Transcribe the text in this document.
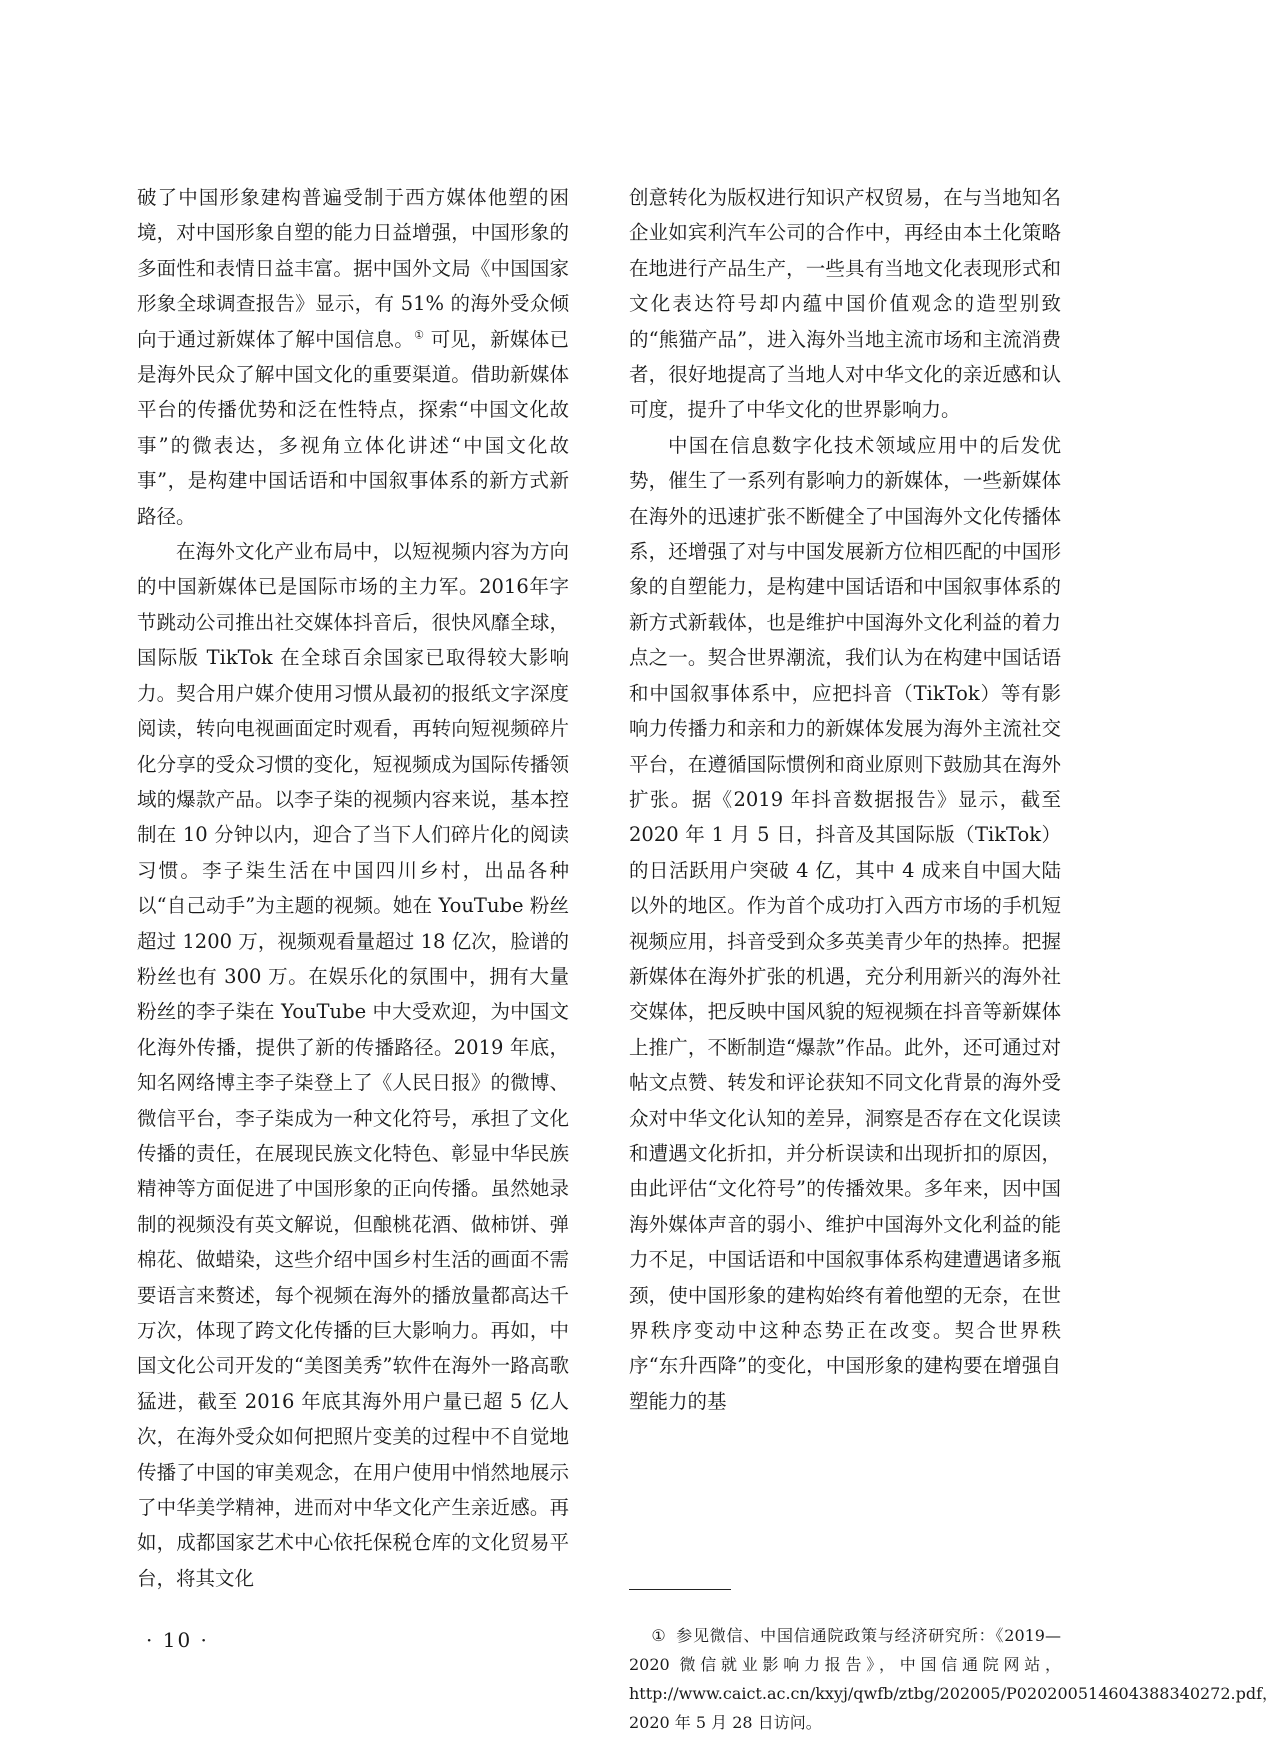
破了中国形象建构普遍受制于西方媒体他塑的困境，对中国形象自塑的能力日益增强，中国形象的多面性和表情日益丰富。据中国外文局《中国国家形象全球调查报告》显示，有 51% 的海外受众倾向于通过新媒体了解中国信息。① 可见，新媒体已是海外民众了解中国文化的重要渠道。借助新媒体平台的传播优势和泛在性特点，探索“中国文化故事”的微表达，多视角立体化讲述“中国文化故事”，是构建中国话语和中国叙事体系的新方式新路径。

在海外文化产业布局中，以短视频内容为方向的中国新媒体已是国际市场的主力军。2016年字节跳动公司推出社交媒体抖音后，很快风靡全球，国际版 TikTok 在全球百余国家已取得较大影响力。契合用户媒介使用习惯从最初的报纸文字深度阅读，转向电视画面定时观看，再转向短视频碎片化分享的受众习惯的变化，短视频成为国际传播领域的爆款产品。以李子柒的视频内容来说，基本控制在 10 分钟以内，迎合了当下人们碎片化的阅读习惯。李子柒生活在中国四川乡村，出品各种以“自己动手”为主题的视频。她在 YouTube 粉丝超过 1200 万，视频观看量超过 18 亿次，脸谱的粉丝也有 300 万。在娱乐化的氛围中，拥有大量粉丝的李子柒在 YouTube 中大受欢迎，为中国文化海外传播，提供了新的传播路径。2019 年底，知名网络博主李子柒登上了《人民日报》的微博、微信平台，李子柒成为一种文化符号，承担了文化传播的责任，在展现民族文化特色、彰显中华民族精神等方面促进了中国形象的正向传播。虽然她录制的视频没有英文解说，但酿桃花酒、做柿饼、弹棉花、做蜡染，这些介绍中国乡村生活的画面不需要语言来赘述，每个视频在海外的播放量都高达千万次，体现了跨文化传播的巨大影响力。再如，中国文化公司开发的“美图美秀”软件在海外一路高歌猛进，截至 2016 年底其海外用户量已超 5 亿人次，在海外受众如何把照片变美的过程中不自觉地传播了中国的审美观念，在用户使用中悄然地展示了中华美学精神，进而对中华文化产生亲近感。再如，成都国家艺术中心依托保税仓库的文化贸易平台，将其文化

创意转化为版权进行知识产权贸易，在与当地知名企业如宾利汽车公司的合作中，再经由本土化策略在地进行产品生产，一些具有当地文化表现形式和文化表达符号却内蕴中国价值观念的造型别致的“熊猫产品”，进入海外当地主流市场和主流消费者，很好地提高了当地人对中华文化的亲近感和认可度，提升了中华文化的世界影响力。

中国在信息数字化技术领域应用中的后发优势，催生了一系列有影响力的新媒体，一些新媒体在海外的迅速扩张不断健全了中国海外文化传播体系，还增强了对与中国发展新方位相匹配的中国形象的自塑能力，是构建中国话语和中国叙事体系的新方式新载体，也是维护中国海外文化利益的着力点之一。契合世界潮流，我们认为在构建中国话语和中国叙事体系中，应把抖音（TikTok）等有影响力传播力和亲和力的新媒体发展为海外主流社交平台，在遵循国际惯例和商业原则下鼓励其在海外扩张。据《2019 年抖音数据报告》显示，截至 2020 年 1 月 5 日，抖音及其国际版（TikTok）的日活跃用户突破 4 亿，其中 4 成来自中国大陆以外的地区。作为首个成功打入西方市场的手机短视频应用，抖音受到众多英美青少年的热捧。把握新媒体在海外扩张的机遇，充分利用新兴的海外社交媒体，把反映中国风貌的短视频在抖音等新媒体上推广，不断制造“爆款”作品。此外，还可通过对帖文点赞、转发和评论获知不同文化背景的海外受众对中华文化认知的差异，洞察是否存在文化误读和遭遇文化折扣，并分析误读和出现折扣的原因，由此评估“文化符号”的传播效果。多年来，因中国海外媒体声音的弱小、维护中国海外文化利益的能力不足，中国话语和中国叙事体系构建遭遇诸多瓶颈，使中国形象的建构始终有着他塑的无奈，在世界秩序变动中这种态势正在改变。契合世界秩序“东升西降”的变化，中国形象的建构要在增强自塑能力的基

① 参见微信、中国信通院政策与经济研究所：《2019—2020 微信就业影响力报告》，中国信通院网站，http://www.caict.ac.cn/kxyj/qwfb/ztbg/202005/P020200514604388340272.pdf，2020 年 5 月 28 日访问。
· 10 ·
